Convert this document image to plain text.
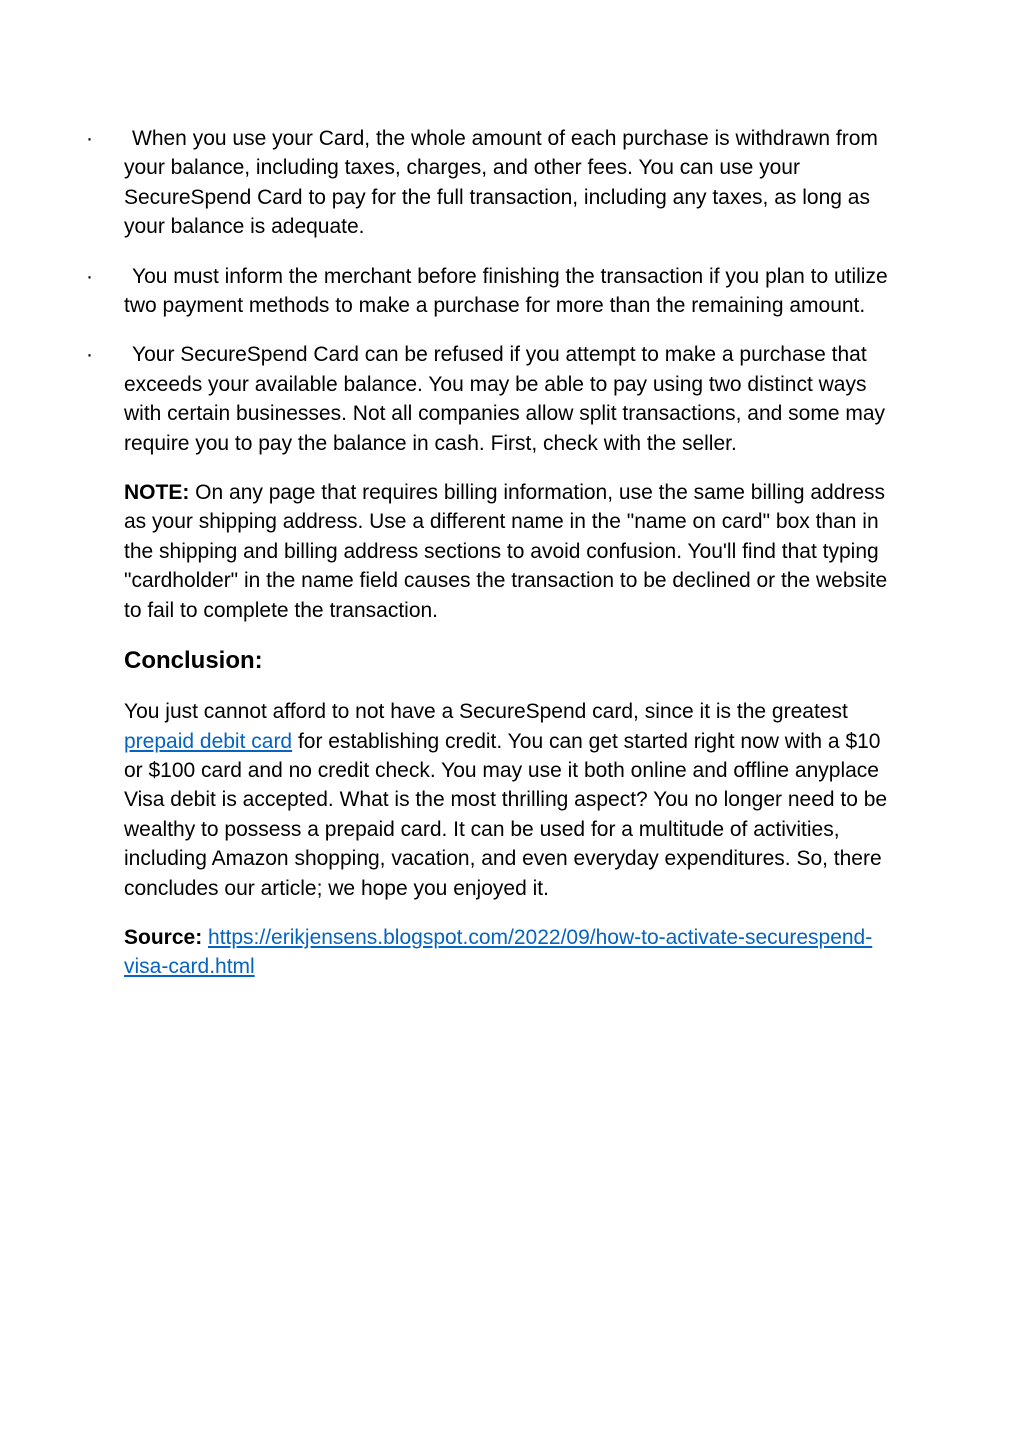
·	When you use your Card, the whole amount of each purchase is withdrawn from your balance, including taxes, charges, and other fees. You can use your SecureSpend Card to pay for the full transaction, including any taxes, as long as your balance is adequate.
·	You must inform the merchant before finishing the transaction if you plan to utilize two payment methods to make a purchase for more than the remaining amount.
·	Your SecureSpend Card can be refused if you attempt to make a purchase that exceeds your available balance. You may be able to pay using two distinct ways with certain businesses. Not all companies allow split transactions, and some may require you to pay the balance in cash. First, check with the seller.

NOTE: On any page that requires billing information, use the same billing address as your shipping address. Use a different name in the "name on card" box than in the shipping and billing address sections to avoid confusion. You'll find that typing "cardholder" in the name field causes the transaction to be declined or the website to fail to complete the transaction.

Conclusion:

You just cannot afford to not have a SecureSpend card, since it is the greatest prepaid debit card for establishing credit. You can get started right now with a $10 or $100 card and no credit check. You may use it both online and offline anyplace Visa debit is accepted. What is the most thrilling aspect? You no longer need to be wealthy to possess a prepaid card. It can be used for a multitude of activities, including Amazon shopping, vacation, and even everyday expenditures. So, there concludes our article; we hope you enjoyed it.

Source: https://erikjensens.blogspot.com/2022/09/how-to-activate-securespend-visa-card.html
